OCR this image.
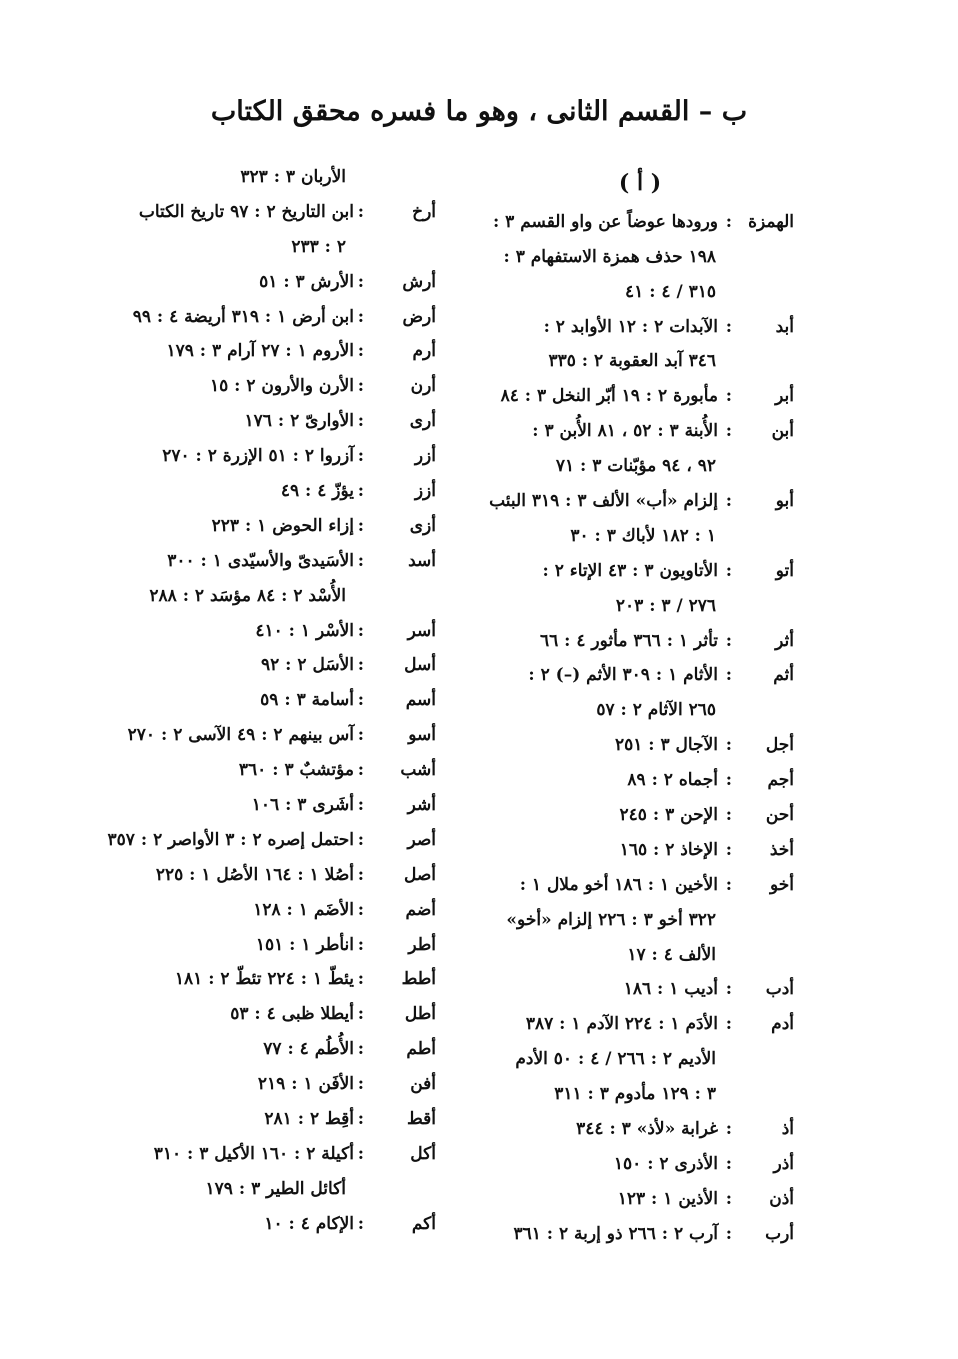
ب – القسم الثانى ، وهو ما فسره محقق الكتاب
( أ )
الهمزة
:
ورودها عوضاً عن واو القسم ٣ :
١٩٨ حذف همزة الاستفهام ٣ :
٣١٥ / ٤ : ٤١
أبد
:
الآبدات ٢ : ١٢ الأوابد ٢ :
٣٤٦ آبد العقوبة ٢ : ٣٣٥
أبر
:
مأبورة ٢ : ١٩ أبّر النخل ٣ : ٨٤
أبن
:
الأُبنة ٣ : ٥٢ ، ٨١ الأُبن ٣ :
٩٢ ، ٩٤ مؤبّنات ٣ : ٧١
أبو
:
إلزام «أب» الألف ٣ : ٣١٩ البئب
١ : ١٨٢ لأباك ٣ : ٣٠
أتو
:
الأتاويون ٣ : ٤٣ الإتاء ٢ :
٢٧٦ / ٣ : ٢٠٣
أثر
:
تأثر ١ : ٣٦٦ مأثور ٤ : ٦٦
أثم
:
الأثام ١ : ٣٠٩ الأثم (–) ٢ :
٢٦٥ الآثام ٢ : ٥٧
أجل
:
الآجال ٣ : ٢٥١
أجم
:
أجماه ٢ : ٨٩
أحن
:
الإحن ٣ : ٢٤٥
أخذ
:
الإخاذ ٢ : ١٦٥
أخو
:
الأخين ١ : ١٨٦ أخو ملال ١ :
٣٢٢ أخو ٣ : ٢٢٦ إلزام «أخو»
الألف ٤ : ١٧
أدب
:
أديب ١ : ١٨٦
أدم
:
الأدَم ١ : ٢٢٤ الآدم ١ : ٣٨٧
الأديم ٢ : ٢٦٦ / ٤ : ٥٠ الأدم
٣ : ١٢٩ مأدوم ٣ : ٣١١
أذ
:
غرابة «لأذ» ٣ : ٣٤٤
أذر
:
الأذرى ٢ : ١٥٠
أذن
:
الأذين ١ : ١٢٣
أرب
:
آرب ٢ : ٢٦٦ ذو إربة ٢ : ٣٦١
الأربان ٣ : ٣٢٣
أرخ
:
ابن التاريخ ٢ : ٩٧ تاريخ الكتاب
٢ : ٢٣٣
أرش
:
الأرش ٣ : ٥١
أرض
:
ابن أرض ١ : ٣١٩ أريضة ٤ : ٩٩
أرم
:
الأروم ١ : ٢٧ آرام ٣ : ١٧٩
أرن
:
الأرن والأرون ٢ : ١٥
أرى
:
الأوارىّ ٢ : ١٧٦
أزر
:
آزروا ٢ : ٥١ الإزرة ٢ : ٢٧٠
أزز
:
يؤزّ ٤ : ٤٩
أزى
:
إزاء الحوض ١ : ٢٢٣
أسد
:
الأسَيدىّ والأسيّدى ١ : ٣٠٠
الأُسْد ٢ : ٨٤ مؤسَد ٢ : ٢٨٨
أسر
:
الأسْر ١ : ٤١٠
أسل
:
الأسَل ٢ : ٩٢
أسم
:
أسامة ٣ : ٥٩
أسو
:
آس بينهم ٢ : ٤٩ الآسى ٢ : ٢٧٠
أشب
:
مؤتشبٌ ٣ : ٣٦٠
أشر
:
أشَرى ٣ : ١٠٦
أصر
:
احتمل إصره ٢ : ٣ الأواصر ٢ : ٣٥٧
أصل
:
أصُلا ١ : ١٦٤ الأصُل ١ : ٢٢٥
أضم
:
الأضَم ١ : ١٢٨
أطر
:
انأطر ١ : ١٥١
أطط
:
يئطّ ١ : ٢٢٤ تئطّ ٢ : ١٨١
أطل
:
أيطلا ظبى ٤ : ٥٣
أطم
:
الأُطُم ٤ : ٧٧
أفن
:
الأفَن ١ : ٢١٩
أقط
:
أقِط ٢ : ٢٨١
أكل
:
أكيلة ٢ : ١٦٠ الأكيل ٣ : ٣١٠
أكائل الطير ٣ : ١٧٩
أكم
:
الإكام ٤ : ١٠
